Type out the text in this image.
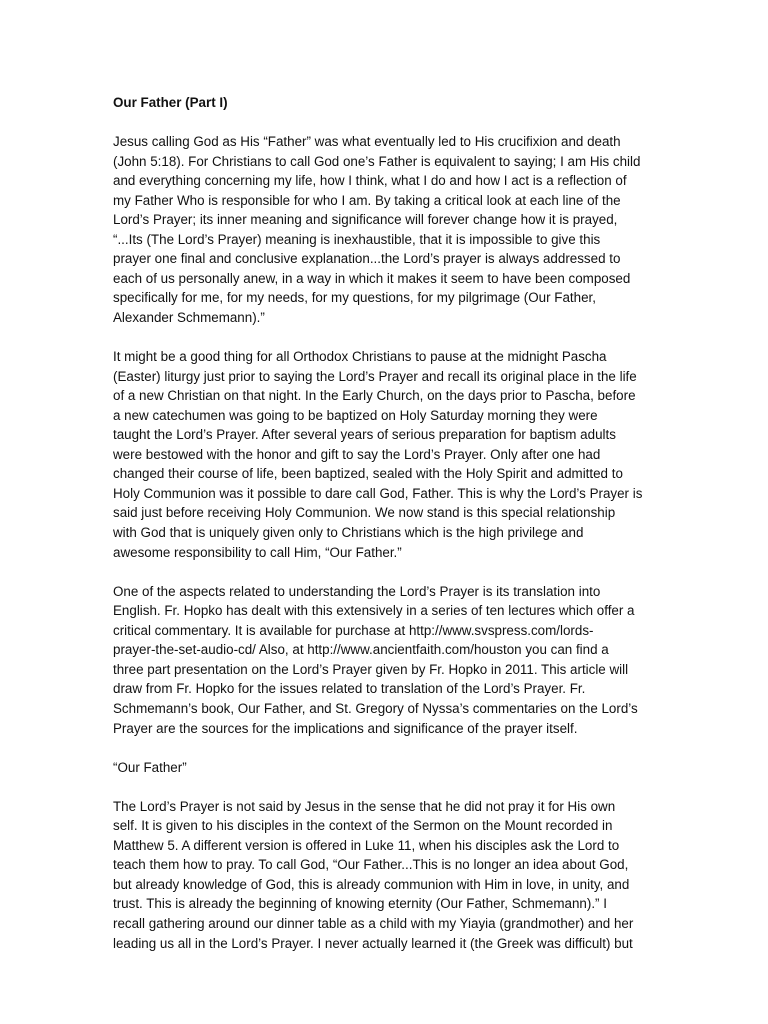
Our Father (Part I)
Jesus calling God as His “Father” was what eventually led to His crucifixion and death
(John 5:18). For Christians to call God one’s Father is equivalent to saying; I am His child
and everything concerning my life, how I think, what I do and how I act is a reflection of
my Father Who is responsible for who I am. By taking a critical look at each line of the
Lord’s Prayer; its inner meaning and significance will forever change how it is prayed,
“...Its (The Lord’s Prayer) meaning is inexhaustible, that it is impossible to give this
prayer one final and conclusive explanation...the Lord’s prayer is always addressed to
each of us personally anew, in a way in which it makes it seem to have been composed
specifically for me, for my needs, for my questions, for my pilgrimage (Our Father,
Alexander Schmemann).”
It might be a good thing for all Orthodox Christians to pause at the midnight Pascha
(Easter) liturgy just prior to saying the Lord’s Prayer and recall its original place in the life
of a new Christian on that night. In the Early Church, on the days prior to Pascha, before
a new catechumen was going to be baptized on Holy Saturday morning they were
taught the Lord’s Prayer. After several years of serious preparation for baptism adults
were bestowed with the honor and gift to say the Lord’s Prayer. Only after one had
changed their course of life, been baptized, sealed with the Holy Spirit and admitted to
Holy Communion was it possible to dare call God, Father. This is why the Lord’s Prayer is
said just before receiving Holy Communion. We now stand is this special relationship
with God that is uniquely given only to Christians which is the high privilege and
awesome responsibility to call Him, “Our Father.”
One of the aspects related to understanding the Lord’s Prayer is its translation into
English. Fr. Hopko has dealt with this extensively in a series of ten lectures which offer a
critical commentary. It is available for purchase at http://www.svspress.com/lords-
prayer-the-set-audio-cd/ Also, at http://www.ancientfaith.com/houston you can find a
three part presentation on the Lord’s Prayer given by Fr. Hopko in 2011. This article will
draw from Fr. Hopko for the issues related to translation of the Lord’s Prayer. Fr.
Schmemann’s book, Our Father, and St. Gregory of Nyssa’s commentaries on the Lord’s
Prayer are the sources for the implications and significance of the prayer itself.
“Our Father”
The Lord’s Prayer is not said by Jesus in the sense that he did not pray it for His own
self. It is given to his disciples in the context of the Sermon on the Mount recorded in
Matthew 5. A different version is offered in Luke 11, when his disciples ask the Lord to
teach them how to pray. To call God, “Our Father...This is no longer an idea about God,
but already knowledge of God, this is already communion with Him in love, in unity, and
trust. This is already the beginning of knowing eternity (Our Father, Schmemann).” I
recall gathering around our dinner table as a child with my Yiayia (grandmother) and her
leading us all in the Lord’s Prayer. I never actually learned it (the Greek was difficult) but
